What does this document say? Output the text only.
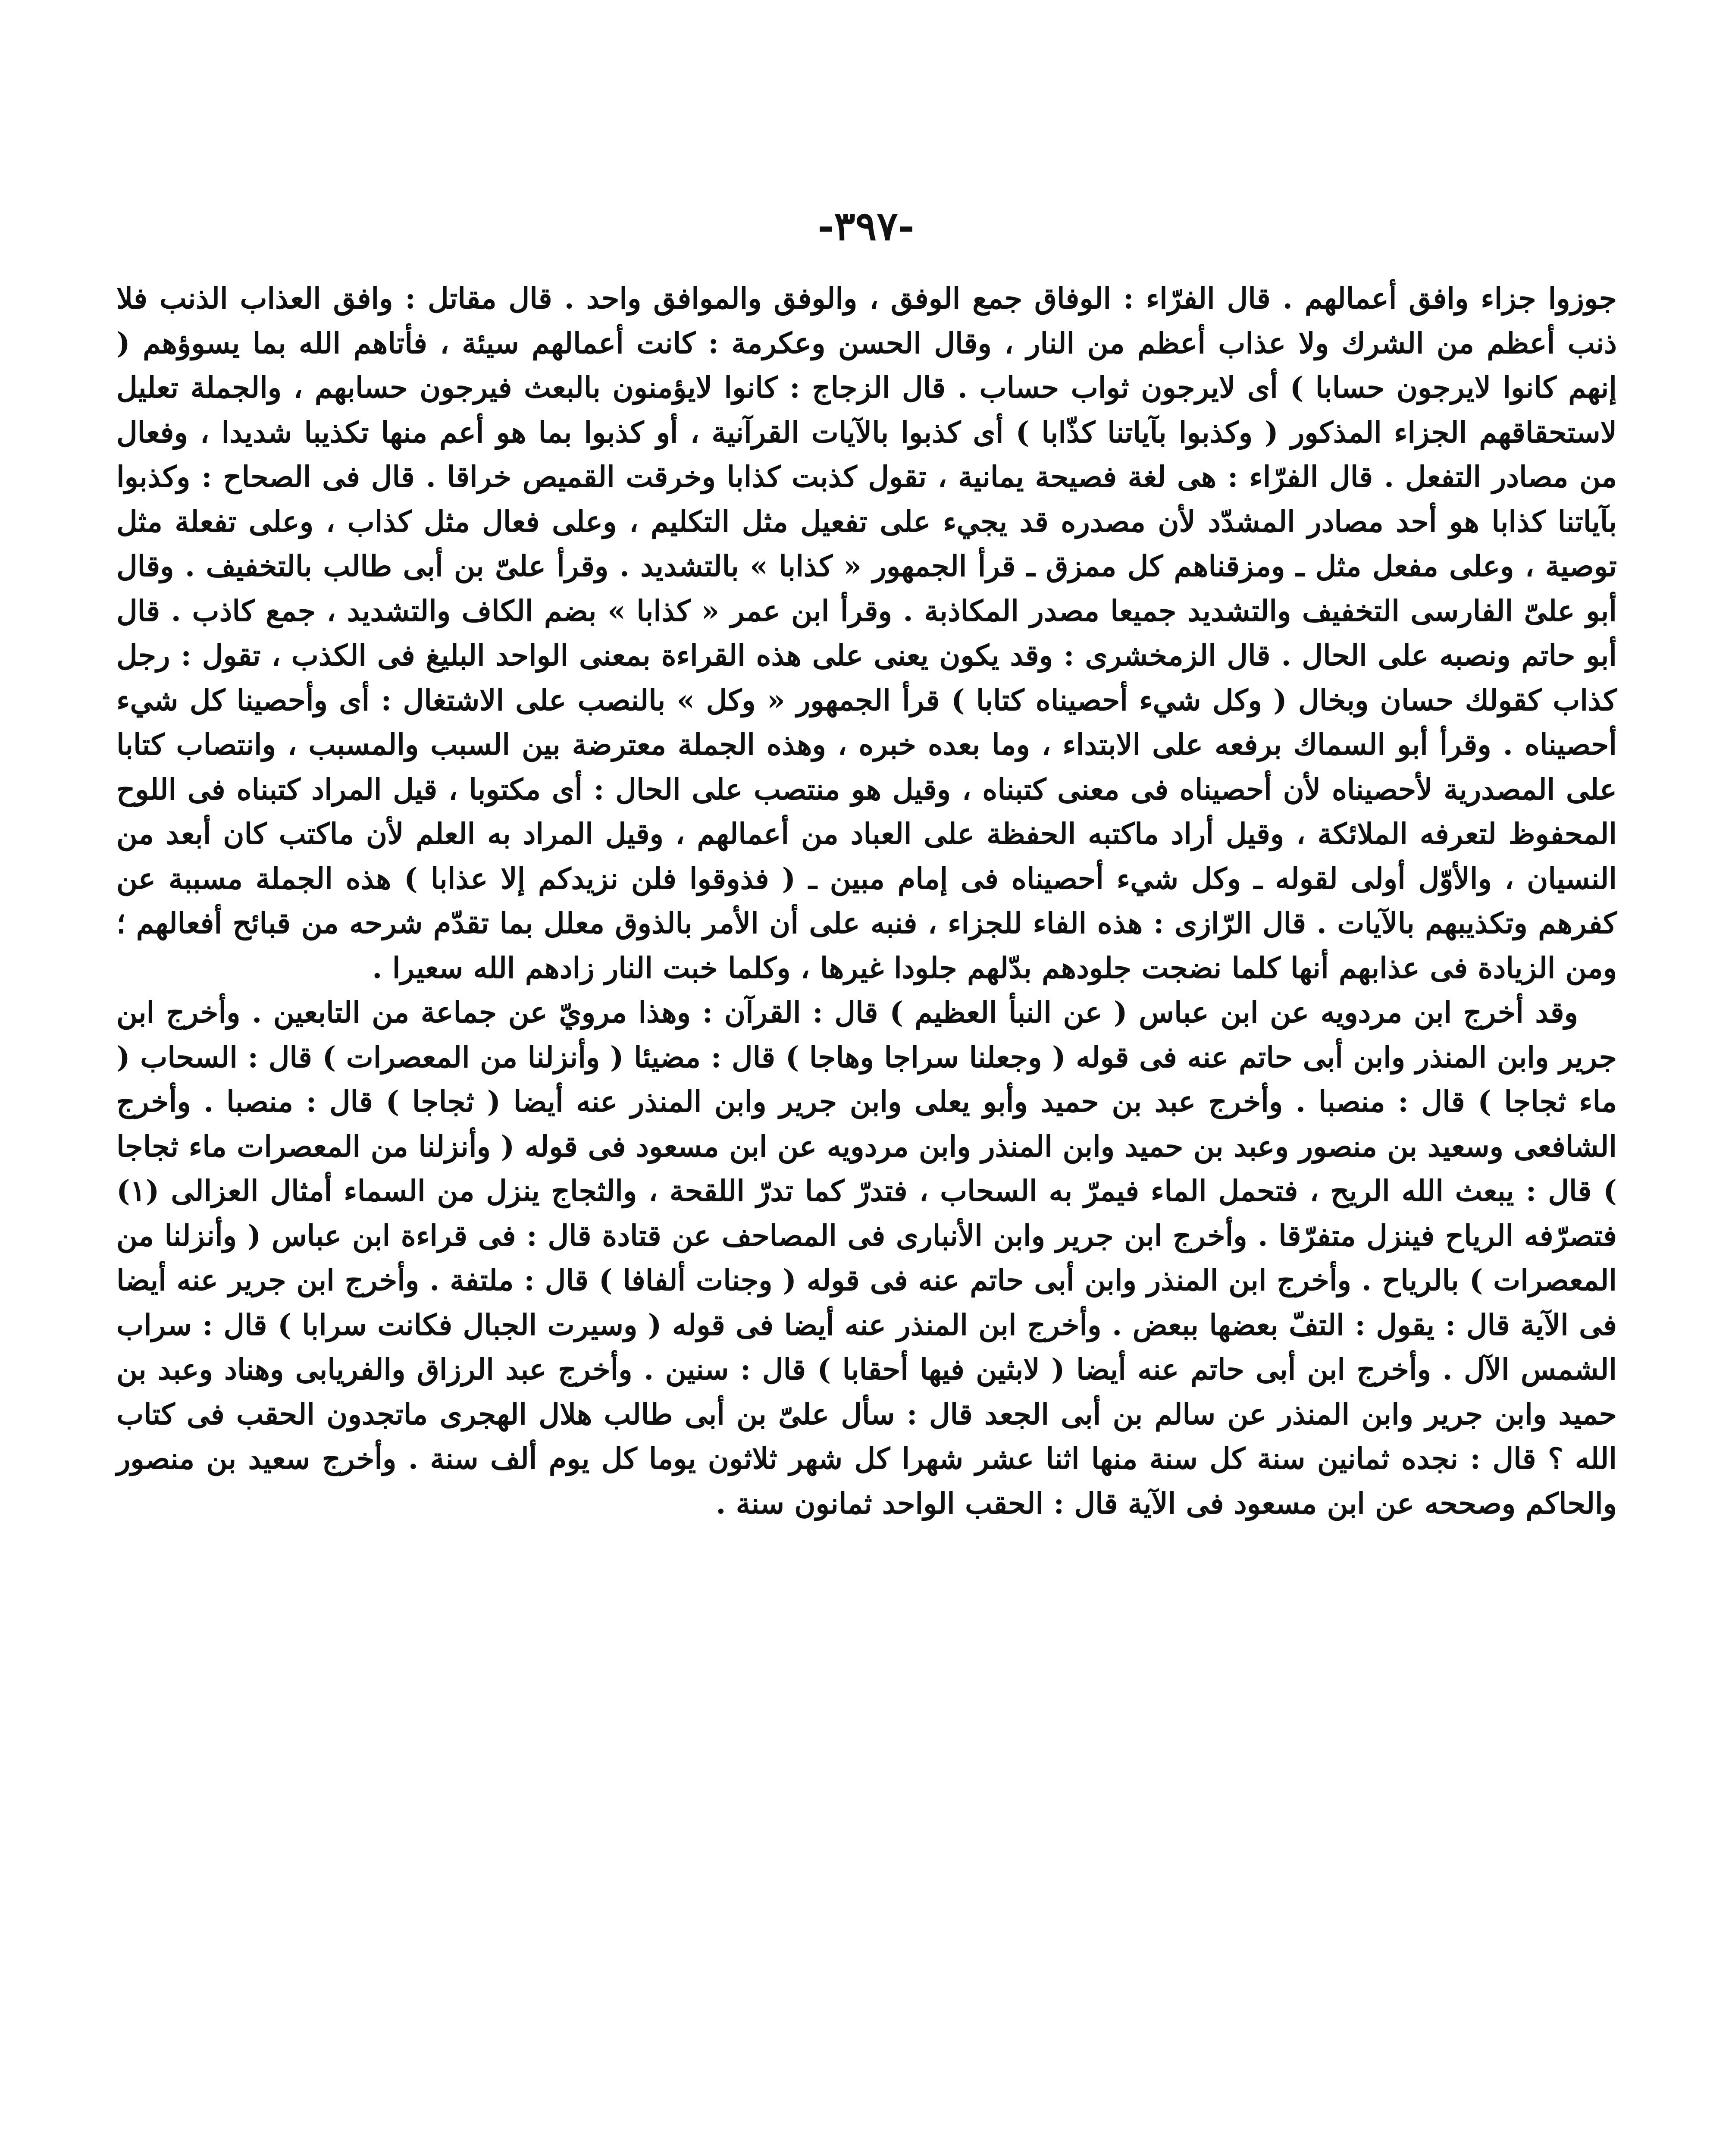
-٣٩٧-

جوزوا جزاء وافق أعمالهم . قال الفرّاء : الوفاق جمع الوفق ، والوفق والموافق واحد . قال مقاتل : وافق العذاب الذنب فلا ذنب أعظم من الشرك ولا عذاب أعظم من النار ، وقال الحسن وعكرمة : كانت أعمالهم سيئة ، فأتاهم الله بما يسوؤهم ( إنهم كانوا لايرجون حسابا ) أى لايرجون ثواب حساب . قال الزجاج : كانوا لايؤمنون بالبعث فيرجون حسابهم ، والجملة تعليل لاستحقاقهم الجزاء المذكور ( وكذبوا بآياتنا كذّابا ) أى كذبوا بالآيات القرآنية ، أو كذبوا بما هو أعم منها تكذيبا شديدا ، وفعال من مصادر التفعل . قال الفرّاء : هى لغة فصيحة يمانية ، تقول كذبت كذابا وخرقت القميص خراقا . قال فى الصحاح : وكذبوا بآياتنا كذابا هو أحد مصادر المشدّد لأن مصدره قد يجيء على تفعيل مثل التكليم ، وعلى فعال مثل كذاب ، وعلى تفعلة مثل توصية ، وعلى مفعل مثل ـ ومزقناهم كل ممزق ـ قرأ الجمهور « كذابا » بالتشديد . وقرأ علىّ بن أبى طالب بالتخفيف . وقال أبو علىّ الفارسى التخفيف والتشديد جميعا مصدر المكاذبة . وقرأ ابن عمر « كذابا » بضم الكاف والتشديد ، جمع كاذب . قال أبو حاتم ونصبه على الحال . قال الزمخشرى : وقد يكون يعنى على هذه القراءة بمعنى الواحد البليغ فى الكذب ، تقول : رجل كذاب كقولك حسان وبخال ( وكل شيء أحصيناه كتابا ) قرأ الجمهور « وكل » بالنصب على الاشتغال : أى وأحصينا كل شيء أحصيناه . وقرأ أبو السماك برفعه على الابتداء ، وما بعده خبره ، وهذه الجملة معترضة بين السبب والمسبب ، وانتصاب كتابا على المصدرية لأحصيناه لأن أحصيناه فى معنى كتبناه ، وقيل هو منتصب على الحال : أى مكتوبا ، قيل المراد كتبناه فى اللوح المحفوظ لتعرفه الملائكة ، وقيل أراد ماكتبه الحفظة على العباد من أعمالهم ، وقيل المراد به العلم لأن ماكتب كان أبعد من النسيان ، والأوّل أولى لقوله ـ وكل شيء أحصيناه فى إمام مبين ـ ( فذوقوا فلن نزيدكم إلا عذابا ) هذه الجملة مسببة عن كفرهم وتكذيبهم بالآيات . قال الرّازى : هذه الفاء للجزاء ، فنبه على أن الأمر بالذوق معلل بما تقدّم شرحه من قبائح أفعالهم ؛ ومن الزيادة فى عذابهم أنها كلما نضجت جلودهم بدّلهم جلودا غيرها ، وكلما خبت النار زادهم الله سعيرا .

وقد أخرج ابن مردويه عن ابن عباس ( عن النبأ العظيم ) قال : القرآن : وهذا مرويّ عن جماعة من التابعين . وأخرج ابن جرير وابن المنذر وابن أبى حاتم عنه فى قوله ( وجعلنا سراجا وهاجا ) قال : مضيئا ( وأنزلنا من المعصرات ) قال : السحاب ( ماء ثجاجا ) قال : منصبا . وأخرج عبد بن حميد وأبو يعلى وابن جرير وابن المنذر عنه أيضا ( ثجاجا ) قال : منصبا . وأخرج الشافعى وسعيد بن منصور وعبد بن حميد وابن المنذر وابن مردويه عن ابن مسعود فى قوله ( وأنزلنا من المعصرات ماء ثجاجا ) قال : يبعث الله الريح ، فتحمل الماء فيمرّ به السحاب ، فتدرّ كما تدرّ اللقحة ، والثجاج ينزل من السماء أمثال العزالى (١) فتصرّفه الرياح فينزل متفرّقا . وأخرج ابن جرير وابن الأنبارى فى المصاحف عن قتادة قال : فى قراءة ابن عباس ( وأنزلنا من المعصرات ) بالرياح . وأخرج ابن المنذر وابن أبى حاتم عنه فى قوله ( وجنات ألفافا ) قال : ملتفة . وأخرج ابن جرير عنه أيضا فى الآية قال : يقول : التفّ بعضها ببعض . وأخرج ابن المنذر عنه أيضا فى قوله ( وسيرت الجبال فكانت سرابا ) قال : سراب الشمس الآل . وأخرج ابن أبى حاتم عنه أيضا ( لابثين فيها أحقابا ) قال : سنين . وأخرج عبد الرزاق والفريابى وهناد وعبد بن حميد وابن جرير وابن المنذر عن سالم بن أبى الجعد قال : سأل علىّ بن أبى طالب هلال الهجرى ماتجدون الحقب فى كتاب الله ؟ قال : نجده ثمانين سنة كل سنة منها اثنا عشر شهرا كل شهر ثلاثون يوما كل يوم ألف سنة . وأخرج سعيد بن منصور والحاكم وصححه عن ابن مسعود فى الآية قال : الحقب الواحد ثمانون سنة .
